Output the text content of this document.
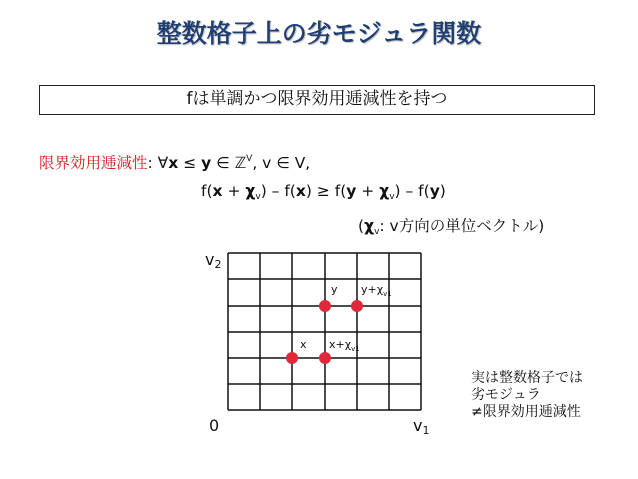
整数格子上の劣モジュラ関数
fは単調かつ限界効用逓減性を持つ
限界効用逓減性: ∀x ≤ y ∈ ℤ$^V$, v ∈ V,
$f(x + \chi_v) - f(x) \ge f(y + \chi_v) - f(y)$
($\chi_v$: v方向の単位ベクトル)
$v_2$
$v_1$
0
y $y+\chi_{v1}$
x $x+\chi_{v1}$
実は整数格子では
劣モジュラ
≠限界効用逓減性
